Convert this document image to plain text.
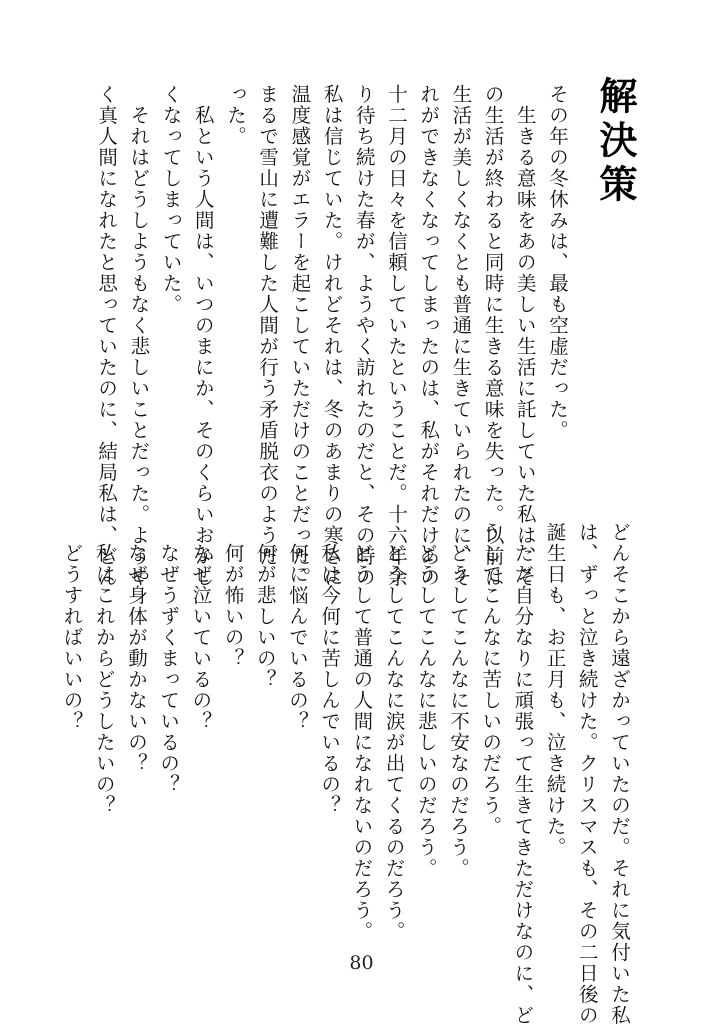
解決策
その年の冬休みは、最も空虚だった。
　生きる意味をあの美しい生活に託していた私は、そ
の生活が終わると同時に生きる意味を失った。以前は
生活が美しくなくとも普通に生きていられたのに、そ
れができなくなってしまったのは、私がそれだけあの
十二月の日々を信頼していたということだ。十六年余
り待ち続けた春が、ようやく訪れたのだと、その時の
私は信じていた。けれどそれは、冬のあまりの寒さに
温度感覚がエラーを起こしていただけのことだった。
まるで雪山に遭難した人間が行う矛盾脱衣のようだ
った。
　私という人間は、いつのまにか、そのくらいおかし
くなってしまっていた。
　それはどうしようもなく悲しいことだった。ようや
く真人間になれたと思っていたのに、結局私は、どん
どんそこから遠ざかっていたのだ。それに気付いた私
は、ずっと泣き続けた。クリスマスも、その二日後の
誕生日も、お正月も、泣き続けた。
　ただ自分なりに頑張って生きてきただけなのに、ど
うしてこんなに苦しいのだろう。
　どうしてこんなに不安なのだろう。
　どうしてこんなに悲しいのだろう。
　どうしてこんなに涙が出てくるのだろう。
　どうして普通の人間になれないのだろう。
　私は今何に苦しんでいるの？
　何に悩んでいるの？
　何が悲しいの？
　何が怖いの？
　なぜ泣いているの？
　なぜうずくまっているの？
　なぜ身体が動かないの？
　私はこれからどうしたいの？
　どうすればいいの？
80
